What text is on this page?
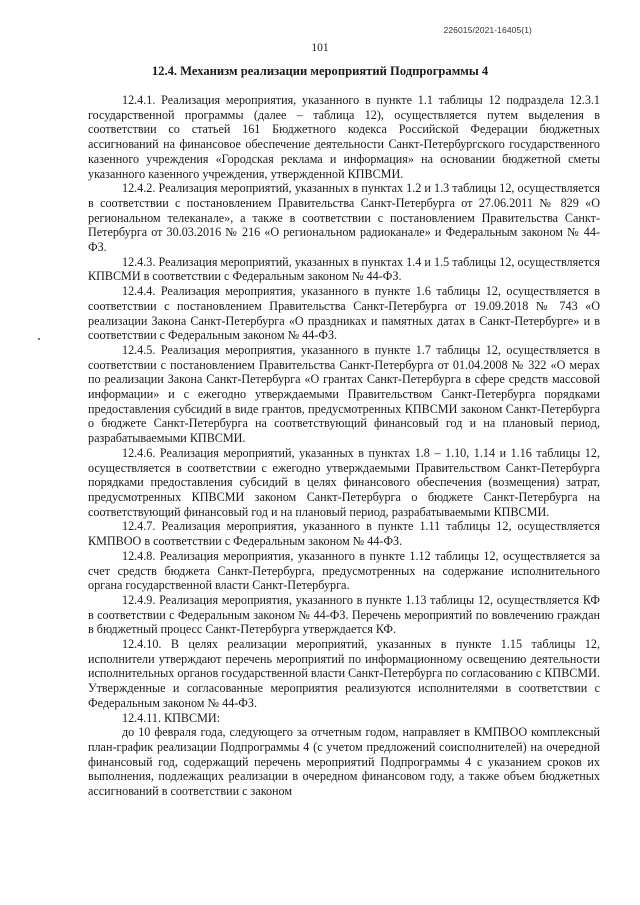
226015/2021-16405(1)
101
12.4. Механизм реализации мероприятий Подпрограммы 4

12.4.1. Реализация мероприятия, указанного в пункте 1.1 таблицы 12 подраздела 12.3.1 государственной программы (далее – таблица 12), осуществляется путем выделения в соответствии со статьей 161 Бюджетного кодекса Российской Федерации бюджетных ассигнований на финансовое обеспечение деятельности Санкт-Петербургского государственного казенного учреждения «Городская реклама и информация» на основании бюджетной сметы указанного казенного учреждения, утвержденной КПВСМИ.

12.4.2. Реализация мероприятий, указанных в пунктах 1.2 и 1.3 таблицы 12, осуществляется в соответствии с постановлением Правительства Санкт-Петербурга от 27.06.2011 № 829 «О региональном телеканале», а также в соответствии с постановлением Правительства Санкт-Петербурга от 30.03.2016 № 216 «О региональном радиоканале» и Федеральным законом № 44-ФЗ.

12.4.3. Реализация мероприятий, указанных в пунктах 1.4 и 1.5 таблицы 12, осуществляется КПВСМИ в соответствии с Федеральным законом № 44-ФЗ.

12.4.4. Реализация мероприятия, указанного в пункте 1.6 таблицы 12, осуществляется в соответствии с постановлением Правительства Санкт-Петербурга от 19.09.2018 № 743 «О реализации Закона Санкт-Петербурга «О праздниках и памятных датах в Санкт-Петербурге» и в соответствии с Федеральным законом № 44-ФЗ.

12.4.5. Реализация мероприятия, указанного в пункте 1.7 таблицы 12, осуществляется в соответствии с постановлением Правительства Санкт-Петербурга от 01.04.2008 № 322 «О мерах по реализации Закона Санкт-Петербурга «О грантах Санкт-Петербурга в сфере средств массовой информации» и с ежегодно утверждаемыми Правительством Санкт-Петербурга порядками предоставления субсидий в виде грантов, предусмотренных КПВСМИ законом Санкт-Петербурга о бюджете Санкт-Петербурга на соответствующий финансовый год и на плановый период, разрабатываемыми КПВСМИ.

12.4.6. Реализация мероприятий, указанных в пунктах 1.8 – 1.10, 1.14 и 1.16 таблицы 12, осуществляется в соответствии с ежегодно утверждаемыми Правительством Санкт-Петербурга порядками предоставления субсидий в целях финансового обеспечения (возмещения) затрат, предусмотренных КПВСМИ законом Санкт-Петербурга о бюджете Санкт-Петербурга на соответствующий финансовый год и на плановый период, разрабатываемыми КПВСМИ.

12.4.7. Реализация мероприятия, указанного в пункте 1.11 таблицы 12, осуществляется КМПВОО в соответствии с Федеральным законом № 44-ФЗ.

12.4.8. Реализация мероприятия, указанного в пункте 1.12 таблицы 12, осуществляется за счет средств бюджета Санкт-Петербурга, предусмотренных на содержание исполнительного органа государственной власти Санкт-Петербурга.

12.4.9. Реализация мероприятия, указанного в пункте 1.13 таблицы 12, осуществляется КФ в соответствии с Федеральным законом № 44-ФЗ. Перечень мероприятий по вовлечению граждан в бюджетный процесс Санкт-Петербурга утверждается КФ.

12.4.10. В целях реализации мероприятий, указанных в пункте 1.15 таблицы 12, исполнители утверждают перечень мероприятий по информационному освещению деятельности исполнительных органов государственной власти Санкт-Петербурга по согласованию с КПВСМИ. Утвержденные и согласованные мероприятия реализуются исполнителями в соответствии с Федеральным законом № 44-ФЗ.

12.4.11. КПВСМИ:

до 10 февраля года, следующего за отчетным годом, направляет в КМПВОО комплексный план-график реализации Подпрограммы 4 (с учетом предложений соисполнителей) на очередной финансовый год, содержащий перечень мероприятий Подпрограммы 4 с указанием сроков их выполнения, подлежащих реализации в очередном финансовом году, а также объем бюджетных ассигнований в соответствии с законом
